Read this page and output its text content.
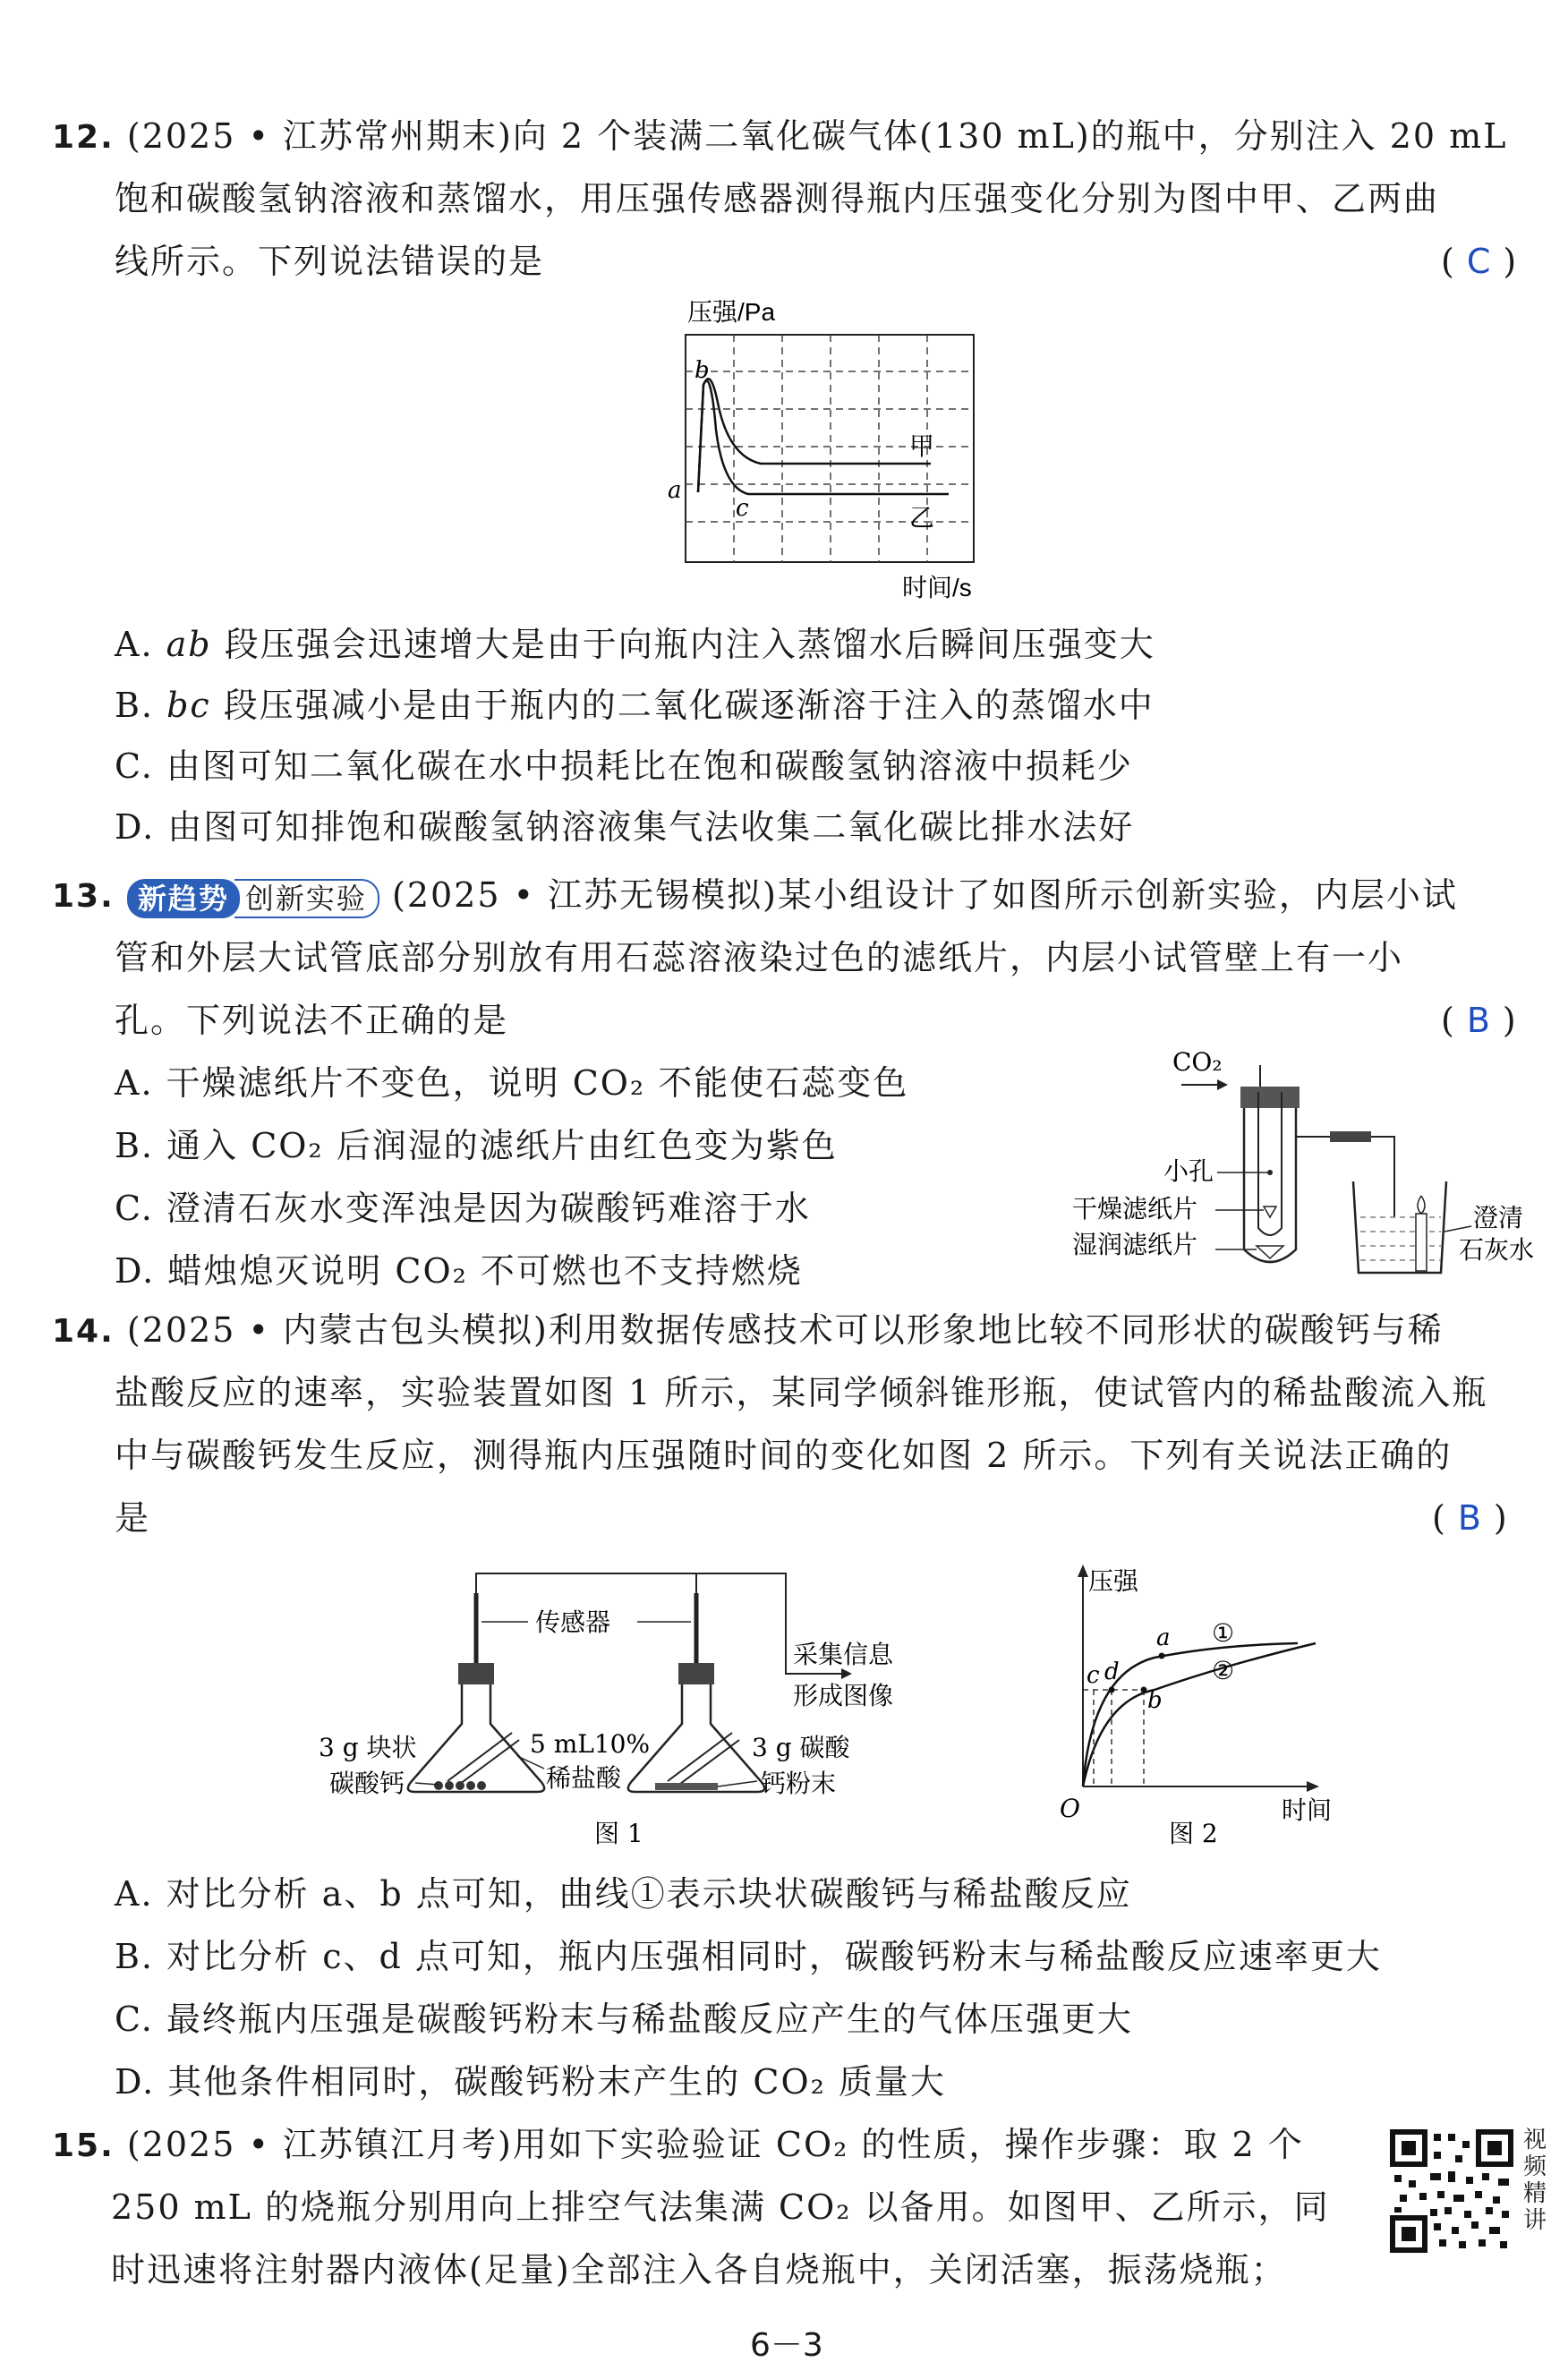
12. (2025 • 江苏常州期末)向 2 个装满二氧化碳气体(130 mL)的瓶中，分别注入 20 mL
饱和碳酸氢钠溶液和蒸馏水，用压强传感器测得瓶内压强变化分别为图中甲、乙两曲
线所示。下列说法错误的是	( C )
压强/Pa
b
a
c
甲
乙
时间/s
A. ab 段压强会迅速增大是由于向瓶内注入蒸馏水后瞬间压强变大
B. bc 段压强减小是由于瓶内的二氧化碳逐渐溶于注入的蒸馏水中
C. 由图可知二氧化碳在水中损耗比在饱和碳酸氢钠溶液中损耗少
D. 由图可知排饱和碳酸氢钠溶液集气法收集二氧化碳比排水法好
13. 新趋势 创新实验 (2025 • 江苏无锡模拟)某小组设计了如图所示创新实验，内层小试
管和外层大试管底部分别放有用石蕊溶液染过色的滤纸片，内层小试管壁上有一小
孔。下列说法不正确的是	( B )
A. 干燥滤纸片不变色，说明 CO₂ 不能使石蕊变色
B. 通入 CO₂ 后润湿的滤纸片由红色变为紫色
C. 澄清石灰水变浑浊是因为碳酸钙难溶于水
D. 蜡烛熄灭说明 CO₂ 不可燃也不支持燃烧
CO₂
小孔
干燥滤纸片
湿润滤纸片
澄清
石灰水
14. (2025 • 内蒙古包头模拟)利用数据传感技术可以形象地比较不同形状的碳酸钙与稀
盐酸反应的速率，实验装置如图 1 所示，某同学倾斜锥形瓶，使试管内的稀盐酸流入瓶
中与碳酸钙发生反应，测得瓶内压强随时间的变化如图 2 所示。下列有关说法正确的
是	( B )
传感器
采集信息
形成图像
3 g 块状
碳酸钙
5 mL10%
稀盐酸
3 g 碳酸
钙粉末
图 1
压强
时间
O
c d
a
b
①
②
图 2
A. 对比分析 a、b 点可知，曲线①表示块状碳酸钙与稀盐酸反应
B. 对比分析 c、d 点可知，瓶内压强相同时，碳酸钙粉末与稀盐酸反应速率更大
C. 最终瓶内压强是碳酸钙粉末与稀盐酸反应产生的气体压强更大
D. 其他条件相同时，碳酸钙粉末产生的 CO₂ 质量大
15. (2025 • 江苏镇江月考)用如下实验验证 CO₂ 的性质，操作步骤：取 2 个
250 mL 的烧瓶分别用向上排空气法集满 CO₂ 以备用。如图甲、乙所示，同
时迅速将注射器内液体(足量)全部注入各自烧瓶中，关闭活塞，振荡烧瓶；
视频精讲
6－3
